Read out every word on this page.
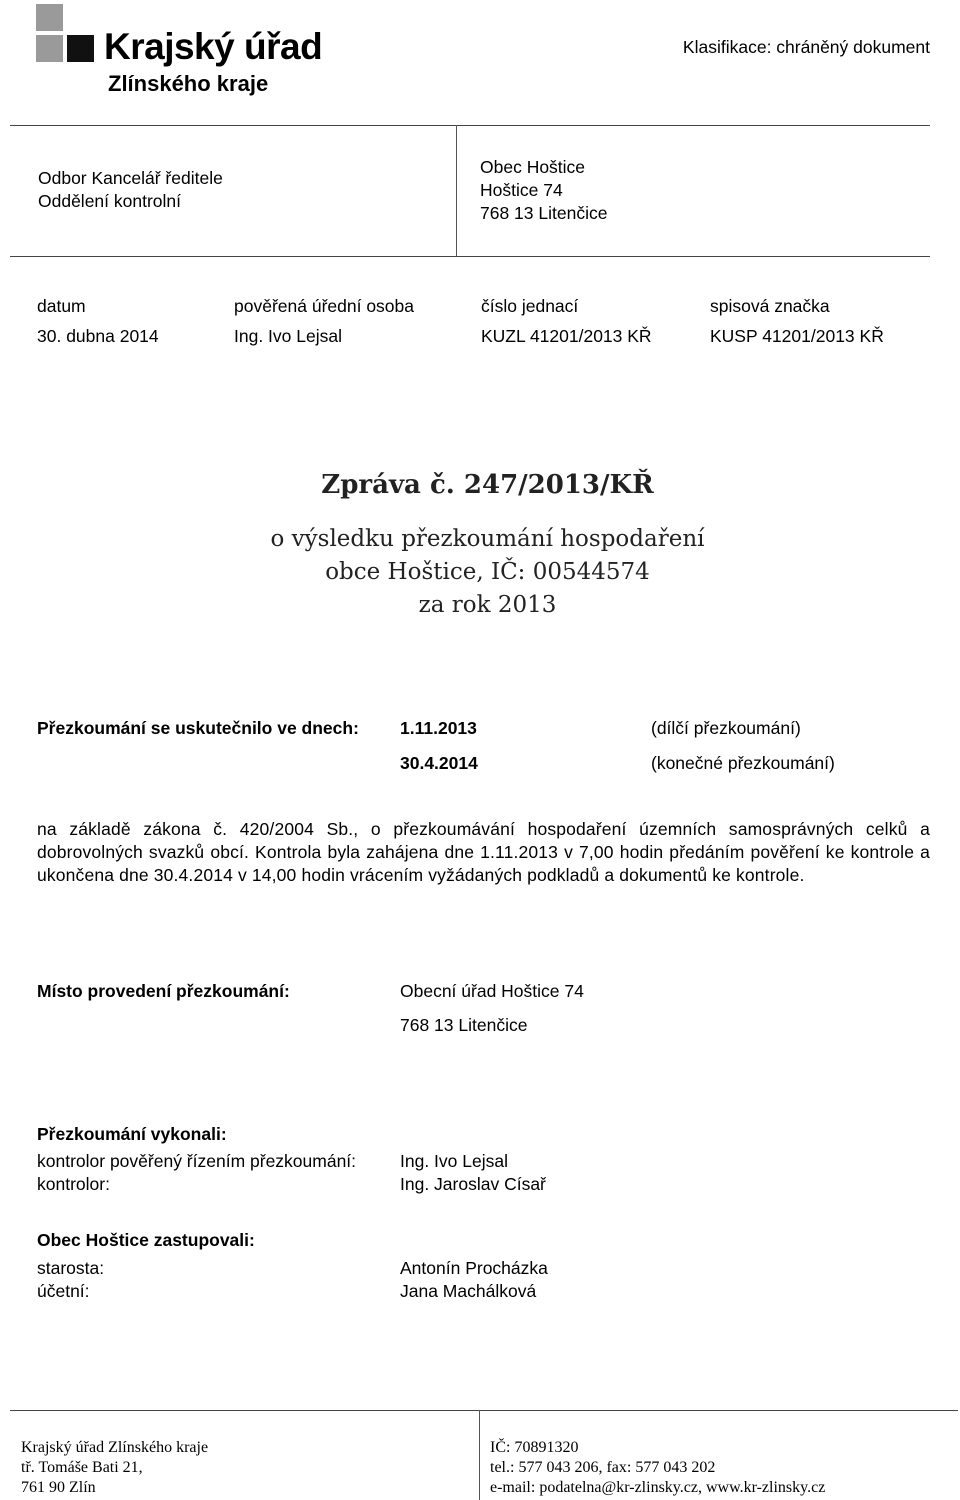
Krajský úřad
Zlínského kraje
Klasifikace: chráněný dokument
Odbor Kancelář ředitele
Oddělení kontrolní
Obec Hoštice
Hoštice 74
768 13 Litenčice
datum	pověřená úřední osoba	číslo jednací	spisová značka
30. dubna 2014	Ing. Ivo Lejsal	KUZL 41201/2013 KŘ	KUSP 41201/2013 KŘ
Zpráva č. 247/2013/KŘ
o výsledku přezkoumání hospodaření
obce Hoštice, IČ: 00544574
za rok 2013
Přezkoumání se uskutečnilo ve dnech: 1.11.2013	(dílčí přezkoumání)
30.4.2014	(konečné přezkoumání)
na základě zákona č. 420/2004 Sb., o přezkoumávání hospodaření územních samosprávných celků a dobrovolných svazků obcí. Kontrola byla zahájena dne 1.11.2013 v 7,00 hodin předáním pověření ke kontrole a ukončena dne 30.4.2014 v 14,00 hodin vrácením vyžádaných podkladů a dokumentů ke kontrole.
Místo provedení přezkoumání:	Obecní úřad Hoštice 74
768 13 Litenčice
Přezkoumání vykonali:
kontrolor pověřený řízením přezkoumání:	Ing. Ivo Lejsal
kontrolor:	Ing. Jaroslav Císař
Obec Hoštice zastupovali:
starosta:	Antonín Procházka
účetní:	Jana Machálková
Krajský úřad Zlínského kraje
tř. Tomáše Bati 21,
761 90 Zlín
IČ: 70891320
tel.: 577 043 206, fax: 577 043 202
e-mail: podatelna@kr-zlinsky.cz, www.kr-zlinsky.cz
